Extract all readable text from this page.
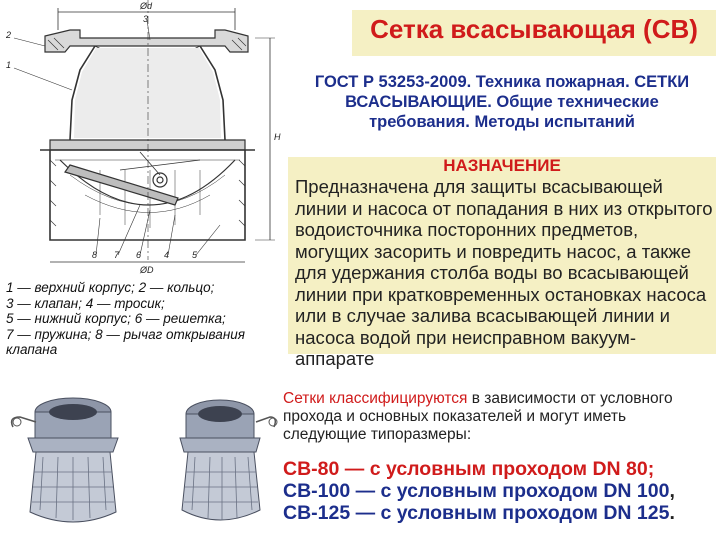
Ød
3
2
1
H
8 7 6	4	5
ØD
1 — верхний корпус; 2 — кольцо;
3 — клапан; 4 — тросик;
5 — нижний корпус; 6 — решетка;
7 — пружина; 8 — рычаг открывания
клапана
Сетка всасывающая (СВ)
ГОСТ Р 53253-2009. Техника пожарная. СЕТКИ ВСАСЫВАЮЩИЕ. Общие технические требования. Методы испытаний
НАЗНАЧЕНИЕ
Предназначена для защиты всасывающей линии и насоса от попадания в них из открытого водоисточника посторонних предметов, могущих засорить и повредить насос, а также для удержания столба воды во всасывающей линии при кратковременных остановках насоса или в случае залива всасывающей линии и насоса водой при неисправном вакуум-аппарате
Сетки классифицируются в зависимости от условного прохода и основных показателей и могут иметь следующие типоразмеры:
СВ-80 — с условным проходом DN 80;
СВ-100 — с условным проходом DN 100,
СВ-125 — с условным проходом DN 125.
